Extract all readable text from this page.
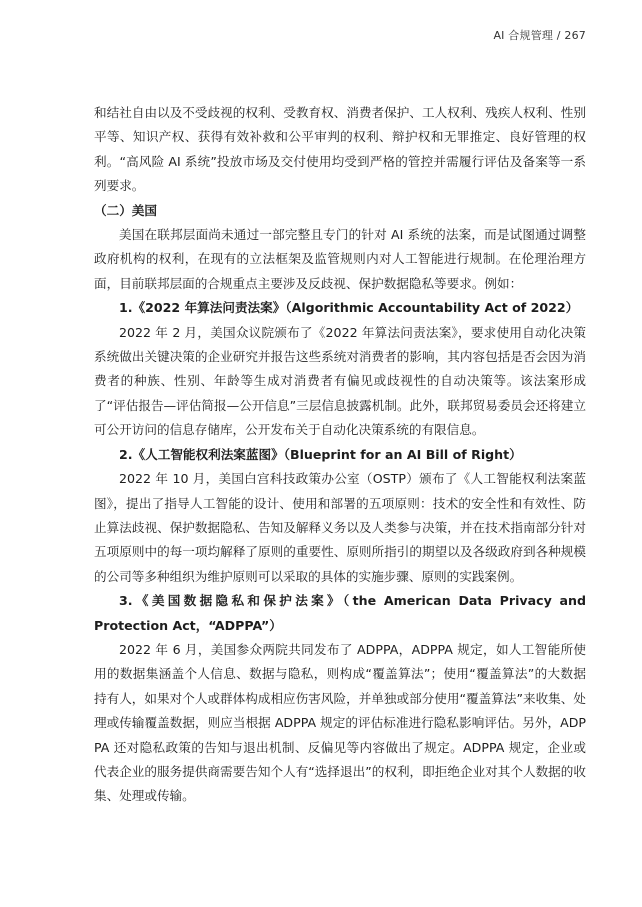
AI 合规管理 / 267

和结社自由以及不受歧视的权利、受教育权、消费者保护、工人权利、残疾人权利、性别平等、知识产权、获得有效补救和公平审判的权利、辩护权和无罪推定、良好管理的权利。“高风险 AI 系统”投放市场及交付使用均受到严格的管控并需履行评估及备案等一系列要求。

（二）美国

美国在联邦层面尚未通过一部完整且专门的针对 AI 系统的法案，而是试图通过调整政府机构的权利，在现有的立法框架及监管规则内对人工智能进行规制。在伦理治理方面，目前联邦层面的合规重点主要涉及反歧视、保护数据隐私等要求。例如：

1.《2022 年算法问责法案》（Algorithmic Accountability Act of 2022）

2022 年 2 月，美国众议院颁布了《2022 年算法问责法案》，要求使用自动化决策系统做出关键决策的企业研究并报告这些系统对消费者的影响，其内容包括是否会因为消费者的种族、性别、年龄等生成对消费者有偏见或歧视性的自动决策等。该法案形成了“评估报告—评估简报—公开信息”三层信息披露机制。此外，联邦贸易委员会还将建立可公开访问的信息存储库，公开发布关于自动化决策系统的有限信息。

2.《人工智能权利法案蓝图》（Blueprint for an AI Bill of Right）

2022 年 10 月，美国白宫科技政策办公室（OSTP）颁布了《人工智能权利法案蓝图》，提出了指导人工智能的设计、使用和部署的五项原则：技术的安全性和有效性、防止算法歧视、保护数据隐私、告知及解释义务以及人类参与决策，并在技术指南部分针对五项原则中的每一项均解释了原则的重要性、原则所指引的期望以及各级政府到各种规模的公司等多种组织为维护原则可以采取的具体的实施步骤、原则的实践案例。

3.《美国数据隐私和保护法案》（the American Data Privacy and Protection Act，“ADPPA”）

2022 年 6 月，美国参众两院共同发布了 ADPPA，ADPPA 规定，如人工智能所使用的数据集涵盖个人信息、数据与隐私，则构成“覆盖算法”；使用“覆盖算法”的大数据持有人，如果对个人或群体构成相应伤害风险，并单独或部分使用“覆盖算法”来收集、处理或传输覆盖数据，则应当根据 ADPPA 规定的评估标准进行隐私影响评估。另外，ADPPA 还对隐私政策的告知与退出机制、反偏见等内容做出了规定。ADPPA 规定，企业或代表企业的服务提供商需要告知个人有“选择退出”的权利，即拒绝企业对其个人数据的收集、处理或传输。
